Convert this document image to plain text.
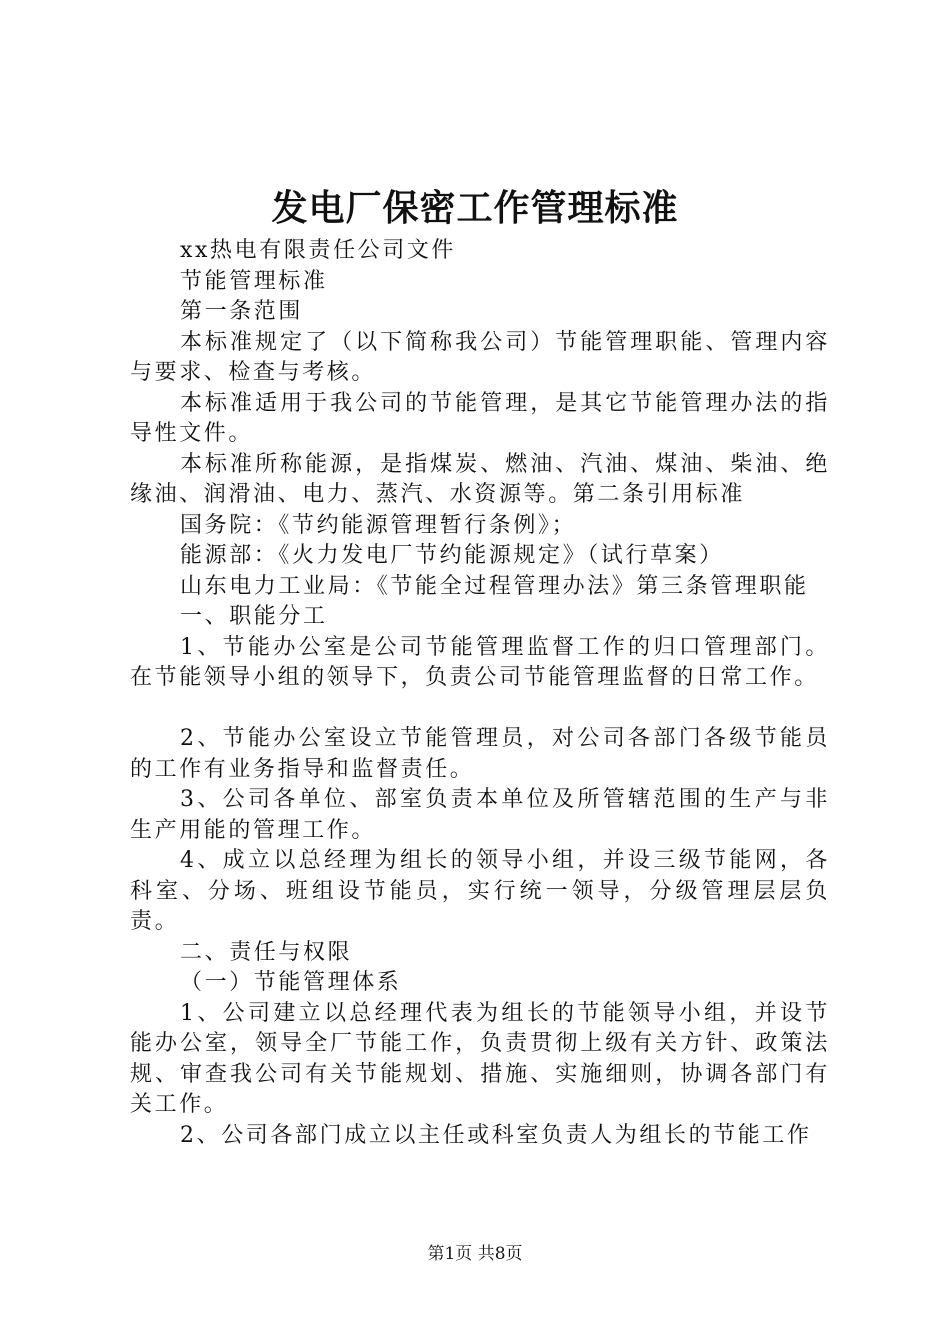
发电厂保密工作管理标准

xx热电有限责任公司文件

节能管理标准

第一条范围

本标准规定了（以下简称我公司）节能管理职能、管理内容与要求、检查与考核。

本标准适用于我公司的节能管理，是其它节能管理办法的指导性文件。

本标准所称能源，是指煤炭、燃油、汽油、煤油、柴油、绝缘油、润滑油、电力、蒸汽、水资源等。第二条引用标准

国务院：《节约能源管理暂行条例》；

能源部：《火力发电厂节约能源规定》（试行草案）

山东电力工业局：《节能全过程管理办法》第三条管理职能

一、职能分工

1、节能办公室是公司节能管理监督工作的归口管理部门。在节能领导小组的领导下，负责公司节能管理监督的日常工作。

2、节能办公室设立节能管理员，对公司各部门各级节能员的工作有业务指导和监督责任。

3、公司各单位、部室负责本单位及所管辖范围的生产与非生产用能的管理工作。

4、成立以总经理为组长的领导小组，并设三级节能网，各科室、分场、班组设节能员，实行统一领导，分级管理层层负责。

二、责任与权限

（一）节能管理体系

1、公司建立以总经理代表为组长的节能领导小组，并设节能办公室，领导全厂节能工作，负责贯彻上级有关方针、政策法规、审查我公司有关节能规划、措施、实施细则，协调各部门有关工作。

2、公司各部门成立以主任或科室负责人为组长的节能工作

第1页 共8页
